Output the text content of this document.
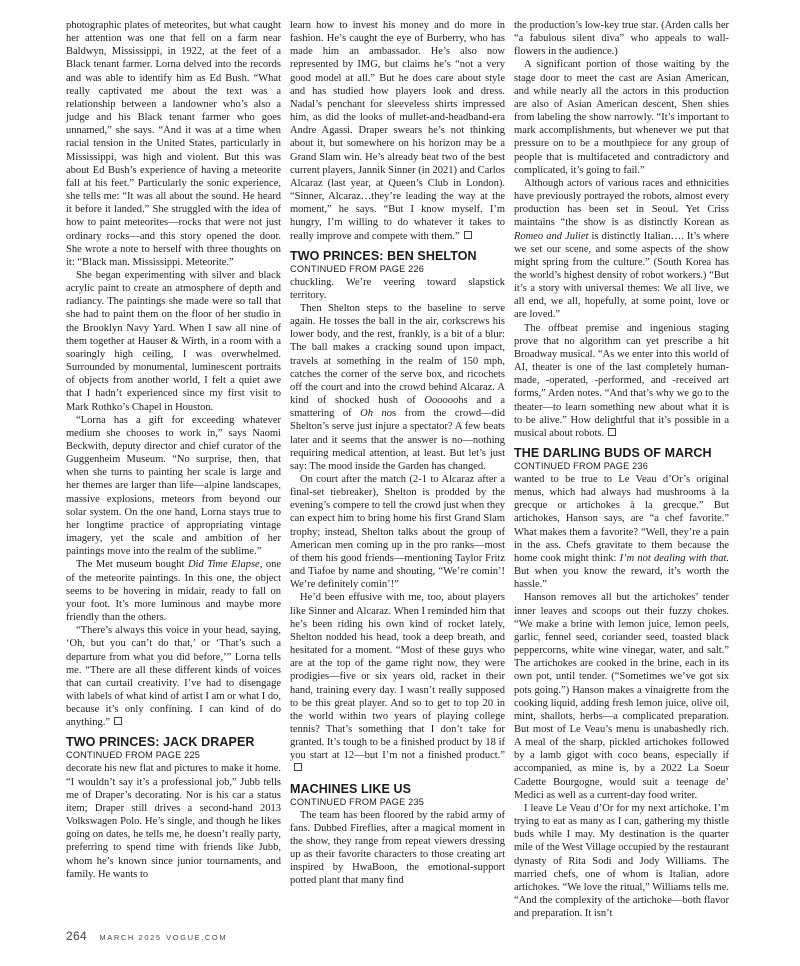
photographic plates of meteorites, but what caught her attention was one that fell on a farm near Baldwyn, Mississippi, in 1922, at the feet of a Black tenant farmer. Lorna delved into the records and was able to identify him as Ed Bush. “What really captivated me about the text was a relationship between a landowner who’s also a judge and his Black tenant farmer who goes unnamed,” she says. “And it was at a time when racial tension in the United States, particularly in Mississippi, was high and violent. But this was about Ed Bush’s experience of having a meteorite fall at his feet.” Particularly the sonic experience, she tells me: “It was all about the sound. He heard it before it landed.” She struggled with the idea of how to paint meteorites—rocks that were not just ordinary rocks—and this story opened the door. She wrote a note to herself with three thoughts on it: “Black man. Mississippi. Meteorite.”

She began experimenting with silver and black acrylic paint to create an atmosphere of depth and radiancy. The paintings she made were so tall that she had to paint them on the floor of her studio in the Brooklyn Navy Yard. When I saw all nine of them together at Hauser & Wirth, in a room with a soaringly high ceiling, I was overwhelmed. Surrounded by monumental, luminescent portraits of objects from another world, I felt a quiet awe that I hadn’t experienced since my first visit to Mark Rothko’s Chapel in Houston.

“Lorna has a gift for exceeding whatever medium she chooses to work in,” says Naomi Beckwith, deputy director and chief curator of the Guggenheim Museum. “No surprise, then, that when she turns to painting her scale is large and her themes are larger than life—alpine landscapes, massive explosions, meteors from beyond our solar system. On the one hand, Lorna stays true to her longtime practice of appropriating vintage imagery, yet the scale and ambition of her paintings move into the realm of the sublime.”

The Met museum bought Did Time Elapse, one of the meteorite paintings. In this one, the object seems to be hovering in midair, ready to fall on your foot. It’s more luminous and maybe more friendly than the others.

“There’s always this voice in your head, saying, ‘Oh, but you can’t do that,’ or ‘That’s such a departure from what you did before,’” Lorna tells me. “There are all these different kinds of voices that can curtail creativity. I’ve had to disengage with labels of what kind of artist I am or what I do, because it’s only confining. I can kind of do anything.”

TWO PRINCES: JACK DRAPER
CONTINUED FROM PAGE 225

decorate his new flat and pictures to make it home. “I wouldn’t say it’s a professional job,” Jubb tells me of Draper’s decorating. Nor is his car a status item; Draper still drives a second-hand 2013 Volkswagen Polo. He’s single, and though he likes going on dates, he tells me, he doesn’t really party, preferring to spend time with friends like Jubb, whom he’s known since junior tournaments, and family. He wants to

learn how to invest his money and do more in fashion. He’s caught the eye of Burberry, who has made him an ambassador. He’s also now represented by IMG, but claims he’s “not a very good model at all.” But he does care about style and has studied how players look and dress. Nadal’s penchant for sleeveless shirts impressed him, as did the looks of mullet-and-headband-era Andre Agassi. Draper swears he’s not thinking about it, but somewhere on his horizon may be a Grand Slam win. He’s already beat two of the best current players, Jannik Sinner (in 2021) and Carlos Alcaraz (last year, at Queen’s Club in London). “Sinner, Alcaraz…they’re leading the way at the moment,” he says. “But I know myself. I’m hungry, I’m willing to do whatever it takes to really improve and compete with them.”

TWO PRINCES: BEN SHELTON
CONTINUED FROM PAGE 226

chuckling. We’re veering toward slapstick territory.

Then Shelton steps to the baseline to serve again. He tosses the ball in the air, corkscrews his lower body, and the rest, frankly, is a bit of a blur: The ball makes a cracking sound upon impact, travels at something in the realm of 150 mph, catches the corner of the serve box, and ricochets off the court and into the crowd behind Alcaraz. A kind of shocked hush of Oooooohs and a smattering of Oh nos from the crowd—did Shelton’s serve just injure a spectator? A few beats later and it seems that the answer is no—nothing requiring medical attention, at least. But let’s just say: The mood inside the Garden has changed.

On court after the match (2-1 to Alcaraz after a final-set tiebreaker), Shelton is prodded by the evening’s compere to tell the crowd just when they can expect him to bring home his first Grand Slam trophy; instead, Shelton talks about the group of American men coming up in the pro ranks—most of them his good friends—mentioning Taylor Fritz and Tiafoe by name and shouting, “We’re comin’! We’re definitely comin’!”

He’d been effusive with me, too, about players like Sinner and Alcaraz. When I reminded him that he’s been riding his own kind of rocket lately, Shelton nodded his head, took a deep breath, and hesitated for a moment. “Most of these guys who are at the top of the game right now, they were prodigies—five or six years old, racket in their hand, training every day. I wasn’t really supposed to be this great player. And so to get to top 20 in the world within two years of playing college tennis? That’s something that I don’t take for granted. It’s tough to be a finished product by 18 if you start at 12—but I’m not a finished product.”

MACHINES LIKE US
CONTINUED FROM PAGE 235

The team has been floored by the rabid army of fans. Dubbed Fireflies, after a magical moment in the show, they range from repeat viewers dressing up as their favorite characters to those creating art inspired by HwaBoon, the emotional-support potted plant that many find

the production’s low-key true star. (Arden calls her “a fabulous silent diva” who appeals to wall-flowers in the audience.)

A significant portion of those waiting by the stage door to meet the cast are Asian American, and while nearly all the actors in this production are also of Asian American descent, Shen shies from labeling the show narrowly. “It’s important to mark accomplishments, but whenever we put that pressure on to be a mouthpiece for any group of people that is multifaceted and contradictory and complicated, it’s going to fail.”

Although actors of various races and ethnicities have previously portrayed the robots, almost every production has been set in Seoul. Yet Criss maintains “the show is as distinctly Korean as Romeo and Juliet is distinctly Italian…. It’s where we set our scene, and some aspects of the show might spring from the culture.” (South Korea has the world’s highest density of robot workers.) “But it’s a story with universal themes: We all live, we all end, we all, hopefully, at some point, love or are loved.”

The offbeat premise and ingenious staging prove that no algorithm can yet prescribe a hit Broadway musical. “As we enter into this world of AI, theater is one of the last completely human-made, -operated, -performed, and -received art forms,” Arden notes. “And that’s why we go to the theater—to learn something new about what it is to be alive.” How delightful that it’s possible in a musical about robots.

THE DARLING BUDS OF MARCH
CONTINUED FROM PAGE 236

wanted to be true to Le Veau d’Or’s original menus, which had always had mushrooms à la grecque or artichokes à la grecque.” But artichokes, Hanson says, are “a chef favorite.” What makes them a favorite? “Well, they’re a pain in the ass. Chefs gravitate to them because the home cook might think: I’m not dealing with that. But when you know the reward, it’s worth the hassle.”

Hanson removes all but the artichokes’ tender inner leaves and scoops out their fuzzy chokes. “We make a brine with lemon juice, lemon peels, garlic, fennel seed, coriander seed, toasted black peppercorns, white wine vinegar, water, and salt.” The artichokes are cooked in the brine, each in its own pot, until tender. (“Sometimes we’ve got six pots going.”) Hanson makes a vinaigrette from the cooking liquid, adding fresh lemon juice, olive oil, mint, shallots, herbs—a complicated preparation. But most of Le Veau’s menu is unabashedly rich. A meal of the sharp, pickled artichokes followed by a lamb gigot with coco beans, especially if accompanied, as mine is, by a 2022 La Soeur Cadette Bourgogne, would suit a teenage de’ Medici as well as a current-day food writer.

I leave Le Veau d’Or for my next artichoke. I’m trying to eat as many as I can, gathering my thistle buds while I may. My destination is the quarter mile of the West Village occupied by the restaurant dynasty of Rita Sodi and Jody Williams. The married chefs, one of whom is Italian, adore artichokes. “We love the ritual,” Williams tells me. “And the complexity of the artichoke—both flavor and preparation. It isn’t

264 MARCH 2025 VOGUE.COM
